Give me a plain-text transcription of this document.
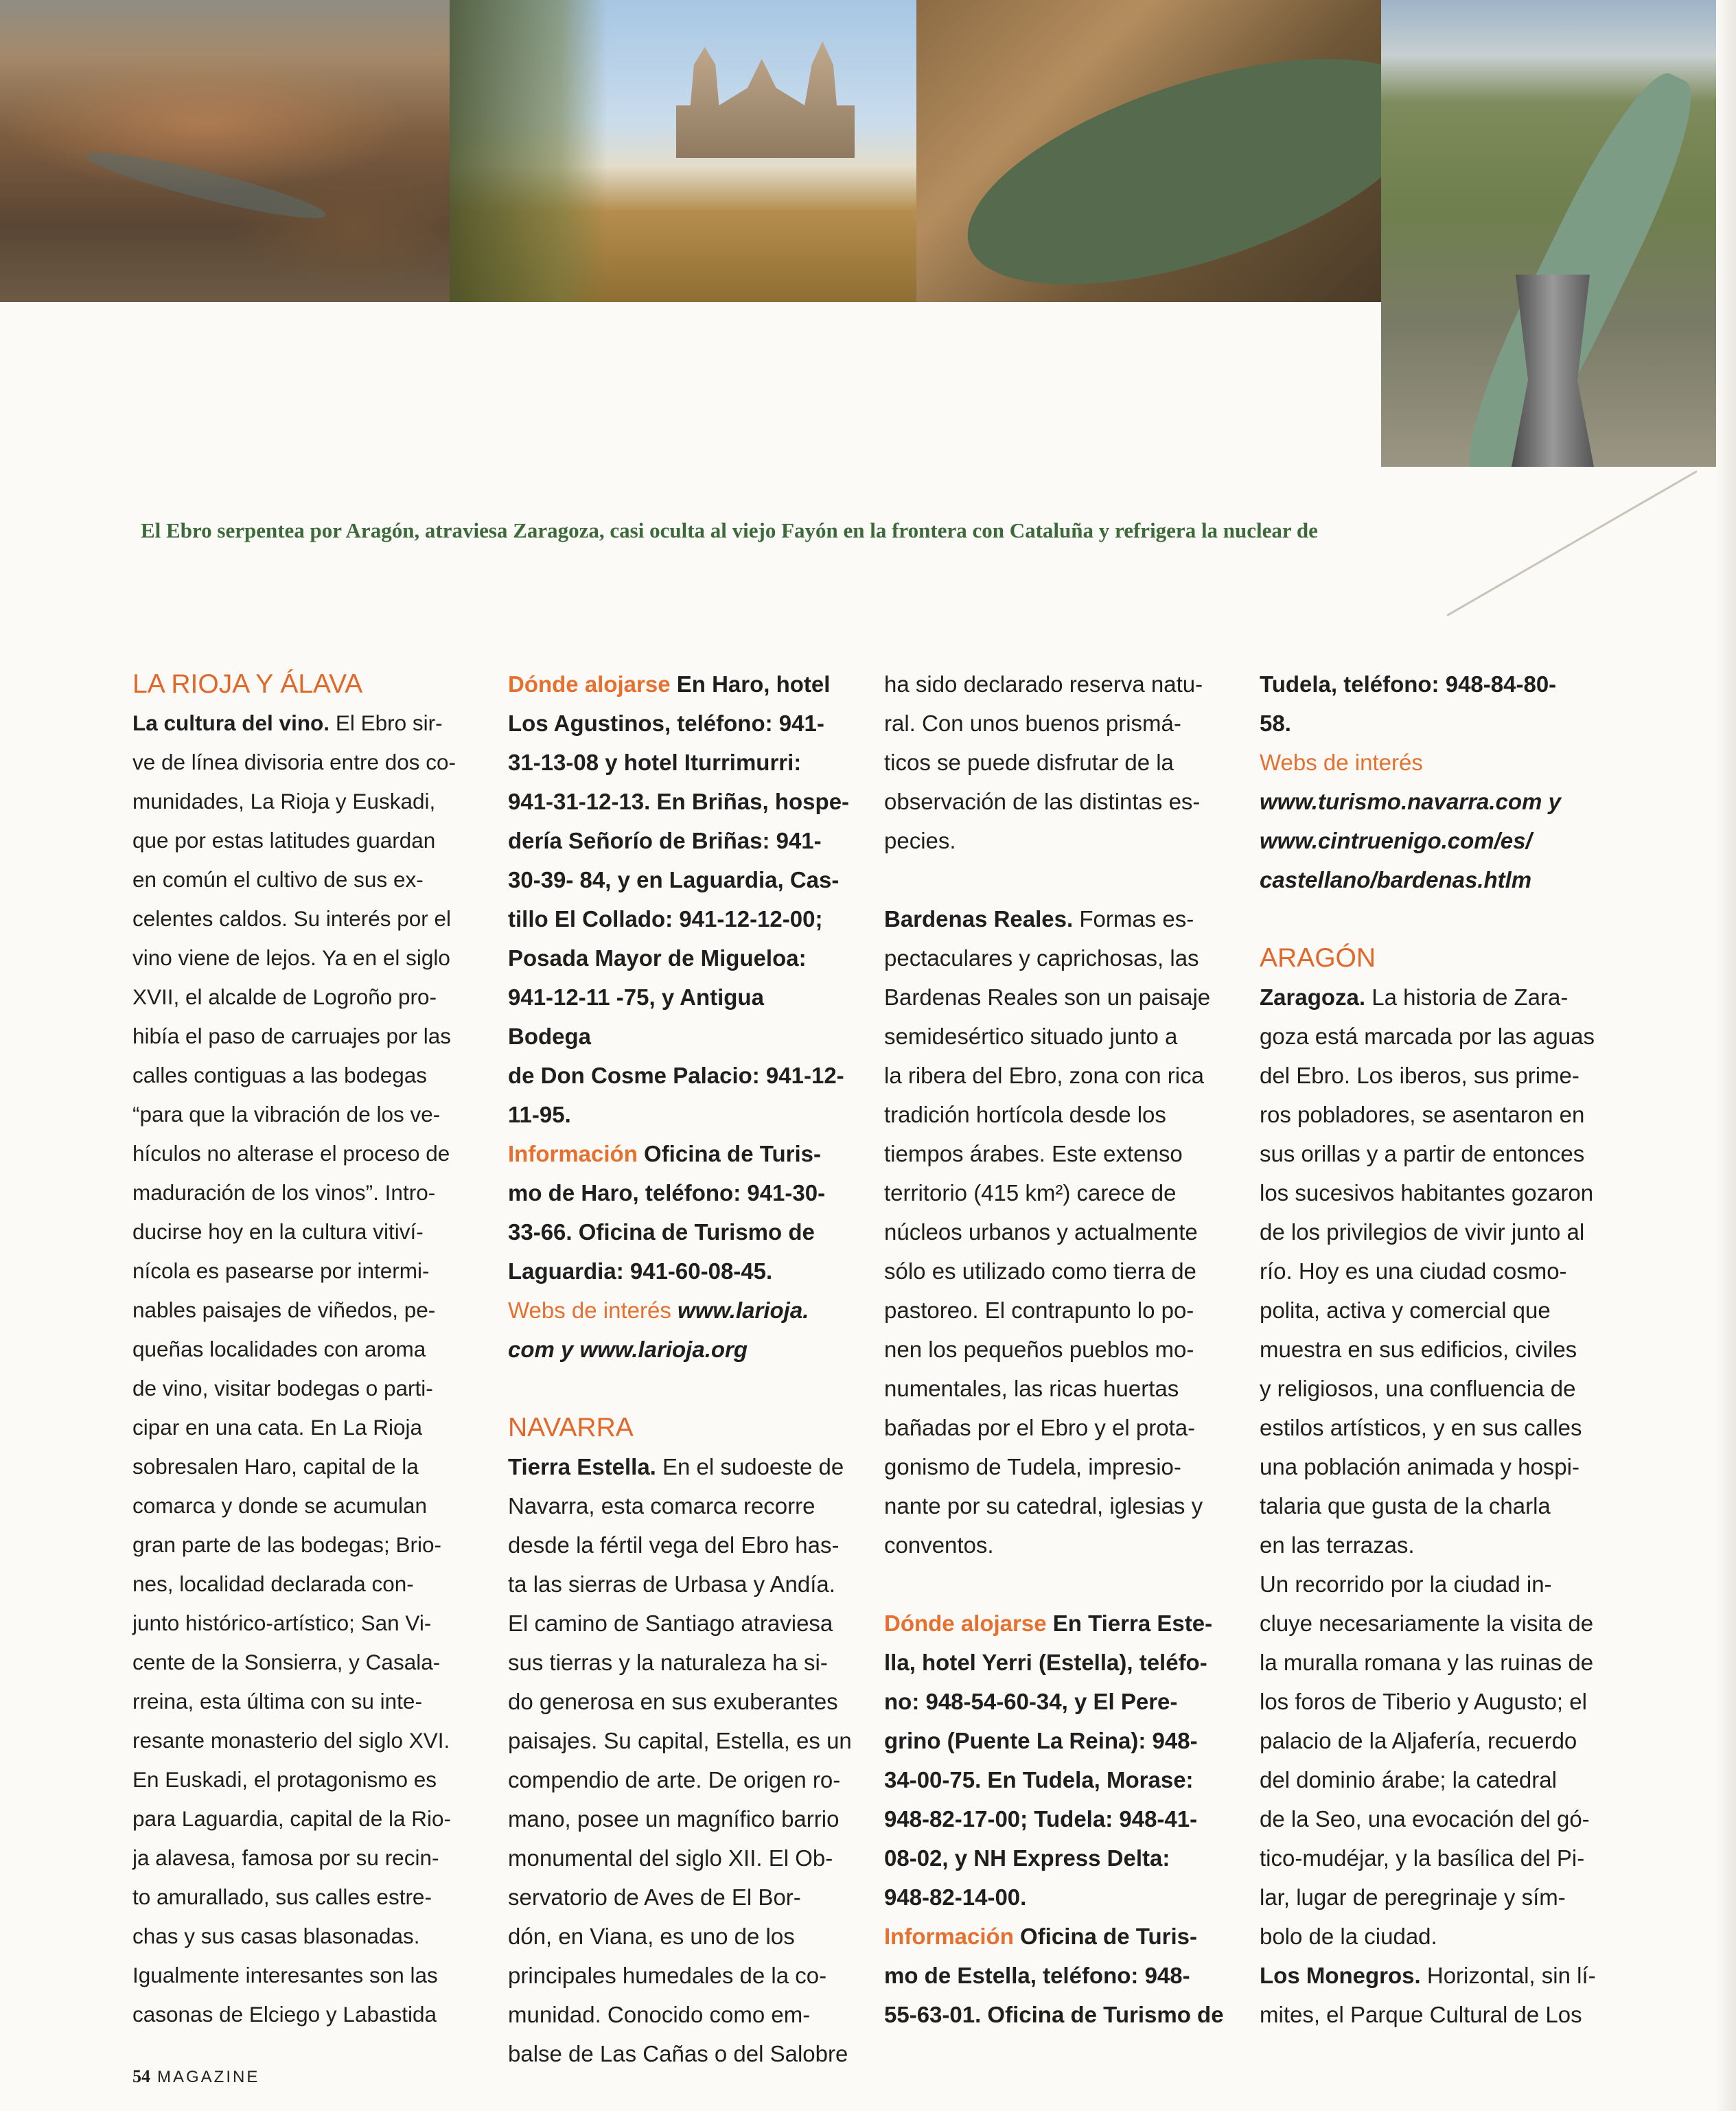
El Ebro serpentea por Aragón, atraviesa Zaragoza, casi oculta al viejo Fayón en la frontera con Cataluña y refrigera la nuclear de

LA RIOJA Y ÁLAVA

La cultura del vino. El Ebro sir-

ve de línea divisoria entre dos co-

munidades, La Rioja y Euskadi,

que por estas latitudes guardan

en común el cultivo de sus ex-

celentes caldos. Su interés por el

vino viene de lejos. Ya en el siglo

XVII, el alcalde de Logroño pro-

hibía el paso de carruajes por las

calles contiguas a las bodegas

“para que la vibración de los ve-

hículos no alterase el proceso de

maduración de los vinos”. Intro-

ducirse hoy en la cultura vitiví-

nícola es pasearse por intermi-

nables paisajes de viñedos, pe-

queñas localidades con aroma

de vino, visitar bodegas o parti-

cipar en una cata. En La Rioja

sobresalen Haro, capital de la

comarca y donde se acumulan

gran parte de las bodegas; Brio-

nes, localidad declarada con-

junto histórico-artístico; San Vi-

cente de la Sonsierra, y Casala-

rreina, esta última con su inte-

resante monasterio del siglo XVI.

En Euskadi, el protagonismo es

para Laguardia, capital de la Rio-

ja alavesa, famosa por su recin-

to amurallado, sus calles estre-

chas y sus casas blasonadas.

Igualmente interesantes son las

casonas de Elciego y Labastida

Dónde alojarse En Haro, hotel

Los Agustinos, teléfono: 941-

31-13-08 y hotel Iturrimurri:

941-31-12-13. En Briñas, hospe-

dería Señorío de Briñas: 941-

30-39- 84, y en Laguardia, Cas-

tillo El Collado: 941-12-12-00;

Posada Mayor de Migueloa:

941-12-11 -75, y Antigua Bodega

de Don Cosme Palacio: 941-12-

11-95.

Información Oficina de Turis-

mo de Haro, teléfono: 941-30-

33-66. Oficina de Turismo de

Laguardia: 941-60-08-45.

Webs de interés www.larioja.

com y www.larioja.org

NAVARRA

Tierra Estella. En el sudoeste de

Navarra, esta comarca recorre

desde la fértil vega del Ebro has-

ta las sierras de Urbasa y Andía.

El camino de Santiago atraviesa

sus tierras y la naturaleza ha si-

do generosa en sus exuberantes

paisajes. Su capital, Estella, es un

compendio de arte. De origen ro-

mano, posee un magnífico barrio

monumental del siglo XII. El Ob-

servatorio de Aves de El Bor-

dón, en Viana, es uno de los

principales humedales de la co-

munidad. Conocido como em-

balse de Las Cañas o del Salobre

ha sido declarado reserva natu-

ral. Con unos buenos prismá-

ticos se puede disfrutar de la

observación de las distintas es-

pecies.

Bardenas Reales. Formas es-

pectaculares y caprichosas, las

Bardenas Reales son un paisaje

semidesértico situado junto a

la ribera del Ebro, zona con rica

tradición hortícola desde los

tiempos árabes. Este extenso

territorio (415 km²) carece de

núcleos urbanos y actualmente

sólo es utilizado como tierra de

pastoreo. El contrapunto lo po-

nen los pequeños pueblos mo-

numentales, las ricas huertas

bañadas por el Ebro y el prota-

gonismo de Tudela, impresio-

nante por su catedral, iglesias y

conventos.

Dónde alojarse En Tierra Este-

lla, hotel Yerri (Estella), teléfo-

no: 948-54-60-34, y El Pere-

grino (Puente La Reina): 948-

34-00-75. En Tudela, Morase:

948-82-17-00; Tudela: 948-41-

08-02, y NH Express Delta:

948-82-14-00.

Información Oficina de Turis-

mo de Estella, teléfono: 948-

55-63-01. Oficina de Turismo de

Tudela, teléfono: 948-84-80-

58.

Webs de interés

www.turismo.navarra.com y

www.cintruenigo.com/es/

castellano/bardenas.htlm

ARAGÓN

Zaragoza. La historia de Zara-

goza está marcada por las aguas

del Ebro. Los iberos, sus prime-

ros pobladores, se asentaron en

sus orillas y a partir de entonces

los sucesivos habitantes gozaron

de los privilegios de vivir junto al

río. Hoy es una ciudad cosmo-

polita, activa y comercial que

muestra en sus edificios, civiles

y religiosos, una confluencia de

estilos artísticos, y en sus calles

una población animada y hospi-

talaria que gusta de la charla

en las terrazas.

Un recorrido por la ciudad in-

cluye necesariamente la visita de

la muralla romana y las ruinas de

los foros de Tiberio y Augusto; el

palacio de la Aljafería, recuerdo

del dominio árabe; la catedral

de la Seo, una evocación del gó-

tico-mudéjar, y la basílica del Pi-

lar, lugar de peregrinaje y sím-

bolo de la ciudad.

Los Monegros. Horizontal, sin lí-

mites, el Parque Cultural de Los

54 MAGAZINE
